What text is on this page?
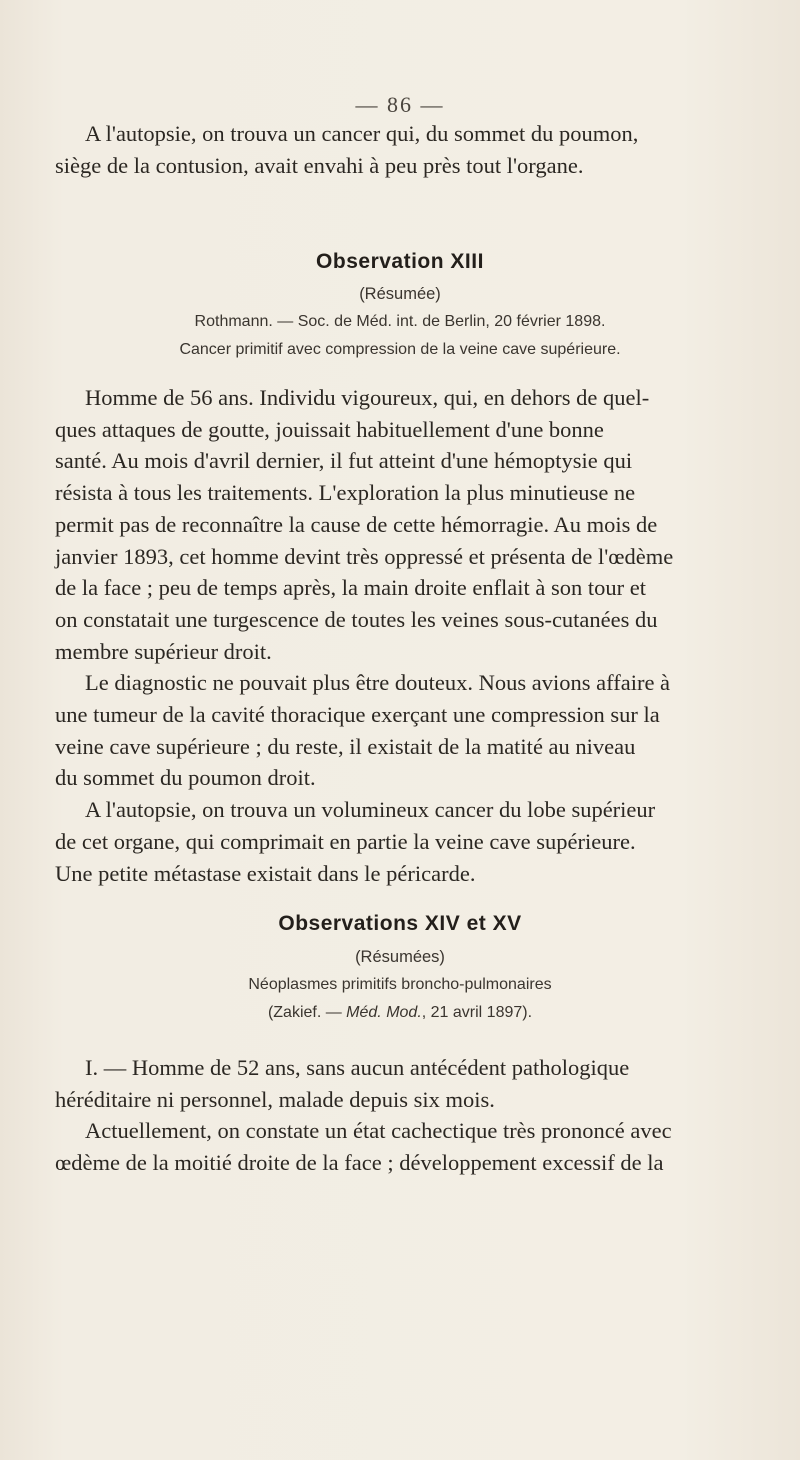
— 86 —
A l'autopsie, on trouva un cancer qui, du sommet du poumon,
siège de la contusion, avait envahi à peu près tout l'organe.
Observation XIII
(Résumée)
Rothmann. — Soc. de Méd. int. de Berlin, 20 février 1898.
Cancer primitif avec compression de la veine cave supérieure.
Homme de 56 ans. Individu vigoureux, qui, en dehors de quel-
ques attaques de goutte, jouissait habituellement d'une bonne
santé. Au mois d'avril dernier, il fut atteint d'une hémoptysie qui
résista à tous les traitements. L'exploration la plus minutieuse ne
permit pas de reconnaître la cause de cette hémorragie. Au mois de
janvier 1893, cet homme devint très oppressé et présenta de l'œdème
de la face ; peu de temps après, la main droite enflait à son tour et
on constatait une turgescence de toutes les veines sous-cutanées du
membre supérieur droit.
Le diagnostic ne pouvait plus être douteux. Nous avions affaire à
une tumeur de la cavité thoracique exerçant une compression sur la
veine cave supérieure ; du reste, il existait de la matité au niveau
du sommet du poumon droit.
A l'autopsie, on trouva un volumineux cancer du lobe supérieur
de cet organe, qui comprimait en partie la veine cave supérieure.
Une petite métastase existait dans le péricarde.
Observations XIV et XV
(Résumées)
Néoplasmes primitifs broncho-pulmonaires
(Zakief. — Méd. Mod., 21 avril 1897).
I. — Homme de 52 ans, sans aucun antécédent pathologique
héréditaire ni personnel, malade depuis six mois.
Actuellement, on constate un état cachectique très prononcé avec
œdème de la moitié droite de la face ; développement excessif de la
